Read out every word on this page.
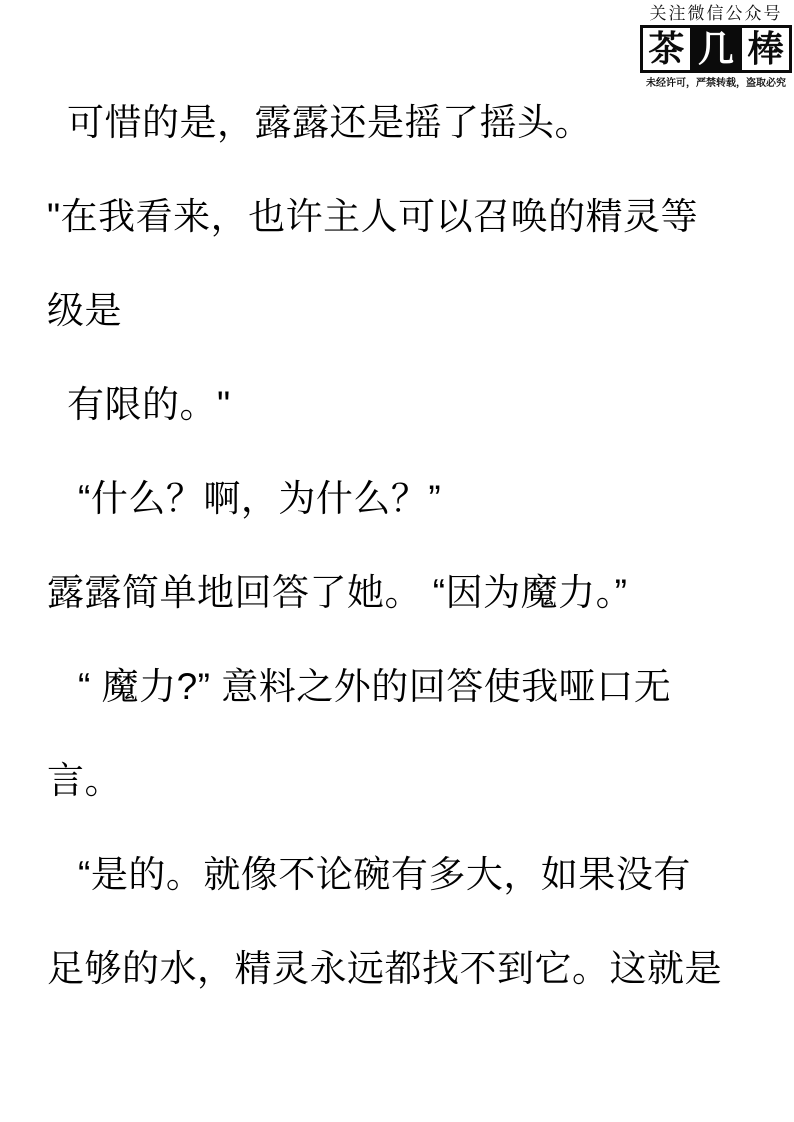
可惜的是，露露还是摇了摇头。
"在我看来，也许主人可以召唤的精灵等
级是
有限的。"
“什么？啊，为什么？”
露露简单地回答了她。 “因为魔力。”
“ 魔力?” 意料之外的回答使我哑口无
言。
“是的。就像不论碗有多大，如果没有
足够的水，精灵永远都找不到它。这就是
关注微信公众号
茶 几 棒
未经许可，严禁转载，盗取必究
